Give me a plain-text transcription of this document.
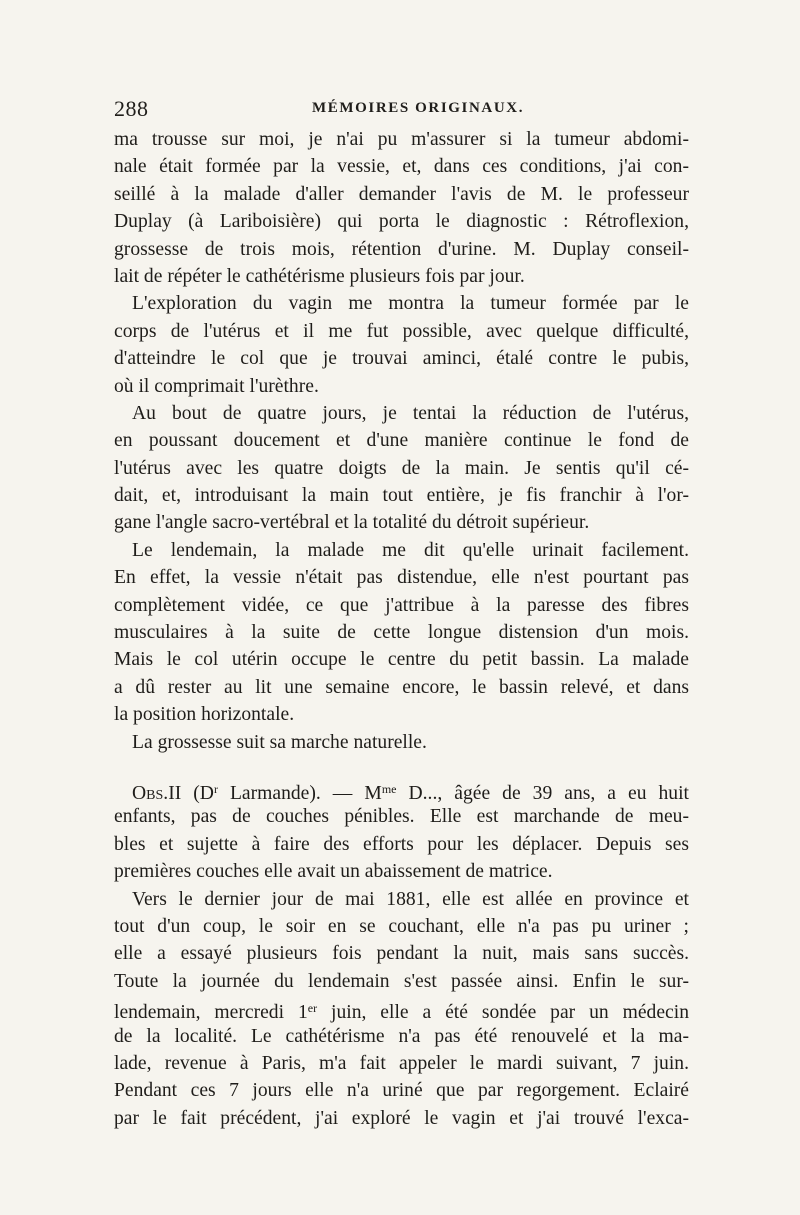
288	MÉMOIRES ORIGINAUX.
ma trousse sur moi, je n'ai pu m'assurer si la tumeur abdomi-
nale était formée par la vessie, et, dans ces conditions, j'ai con-
seillé à la malade d'aller demander l'avis de M. le professeur
Duplay (à Lariboisière) qui porta le diagnostic : Rétroflexion,
grossesse de trois mois, rétention d'urine. M. Duplay conseil-
lait de répéter le cathétérisme plusieurs fois par jour.
L'exploration du vagin me montra la tumeur formée par le
corps de l'utérus et il me fut possible, avec quelque difficulté,
d'atteindre le col que je trouvai aminci, étalé contre le pubis,
où il comprimait l'urèthre.
Au bout de quatre jours, je tentai la réduction de l'utérus,
en poussant doucement et d'une manière continue le fond de
l'utérus avec les quatre doigts de la main. Je sentis qu'il cé-
dait, et, introduisant la main tout entière, je fis franchir à l'or-
gane l'angle sacro-vertébral et la totalité du détroit supérieur.
Le lendemain, la malade me dit qu'elle urinait facilement.
En effet, la vessie n'était pas distendue, elle n'est pourtant pas
complètement vidée, ce que j'attribue à la paresse des fibres
musculaires à la suite de cette longue distension d'un mois.
Mais le col utérin occupe le centre du petit bassin. La malade
a dû rester au lit une semaine encore, le bassin relevé, et dans
la position horizontale.
La grossesse suit sa marche naturelle.
Obs.II ($D^r$ Larmande). — $M^{me}$ D..., âgée de 39 ans, a eu huit
enfants, pas de couches pénibles. Elle est marchande de meu-
bles et sujette à faire des efforts pour les déplacer. Depuis ses
premières couches elle avait un abaissement de matrice.
Vers le dernier jour de mai 1881, elle est allée en province et
tout d'un coup, le soir en se couchant, elle n'a pas pu uriner ;
elle a essayé plusieurs fois pendant la nuit, mais sans succès.
Toute la journée du lendemain s'est passée ainsi. Enfin le sur-
lendemain, mercredi 1er juin, elle a été sondée par un médecin
de la localité. Le cathétérisme n'a pas été renouvelé et la ma-
lade, revenue à Paris, m'a fait appeler le mardi suivant, 7 juin.
Pendant ces 7 jours elle n'a uriné que par regorgement. Eclairé
par le fait précédent, j'ai exploré le vagin et j'ai trouvé l'exca-
